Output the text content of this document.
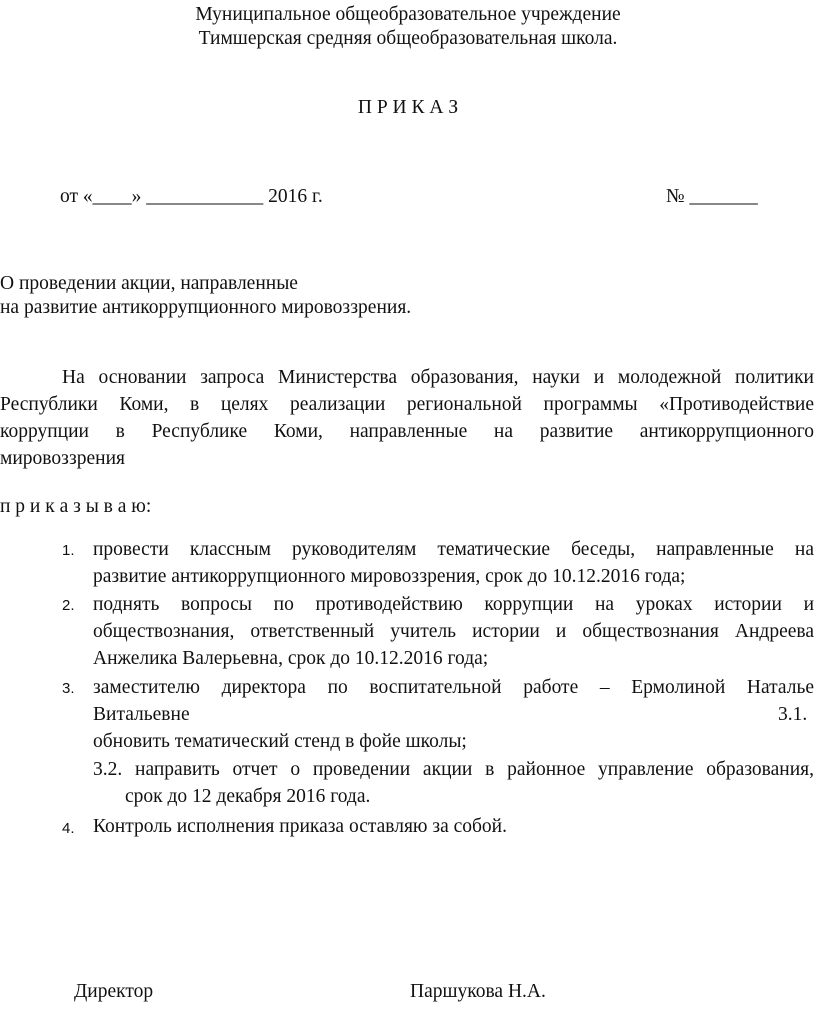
Муниципальное общеобразовательное учреждение
Тимшерская средняя общеобразовательная школа.
П Р И К А З
от «____» ____________ 2016 г.	№ _______
О проведении акции, направленные
на развитие антикоррупционного мировоззрения.
На основании запроса Министерства образования, науки и молодежной политики
Республики Коми, в целях реализации региональной программы «Противодействие
коррупции в Республике Коми, направленные на развитие антикоррупционного
мировоззрения
п р и к а з ы в а ю:
1. провести классным руководителям тематические беседы, направленные на
развитие антикоррупционного мировоззрения, срок до 10.12.2016 года;
2. поднять вопросы по противодействию коррупции на уроках истории и
обществознания, ответственный учитель истории и обществознания Андреева
Анжелика Валерьевна, срок до 10.12.2016 года;
3. заместителю директора по воспитательной работе – Ермолиной Наталье
Витальевне	3.1.
обновить тематический стенд в фойе школы;
3.2. направить отчет о проведении акции в районное управление образования,
срок до 12 декабря 2016 года.
4. Контроль исполнения приказа оставляю за собой.
Директор	Паршукова Н.А.
